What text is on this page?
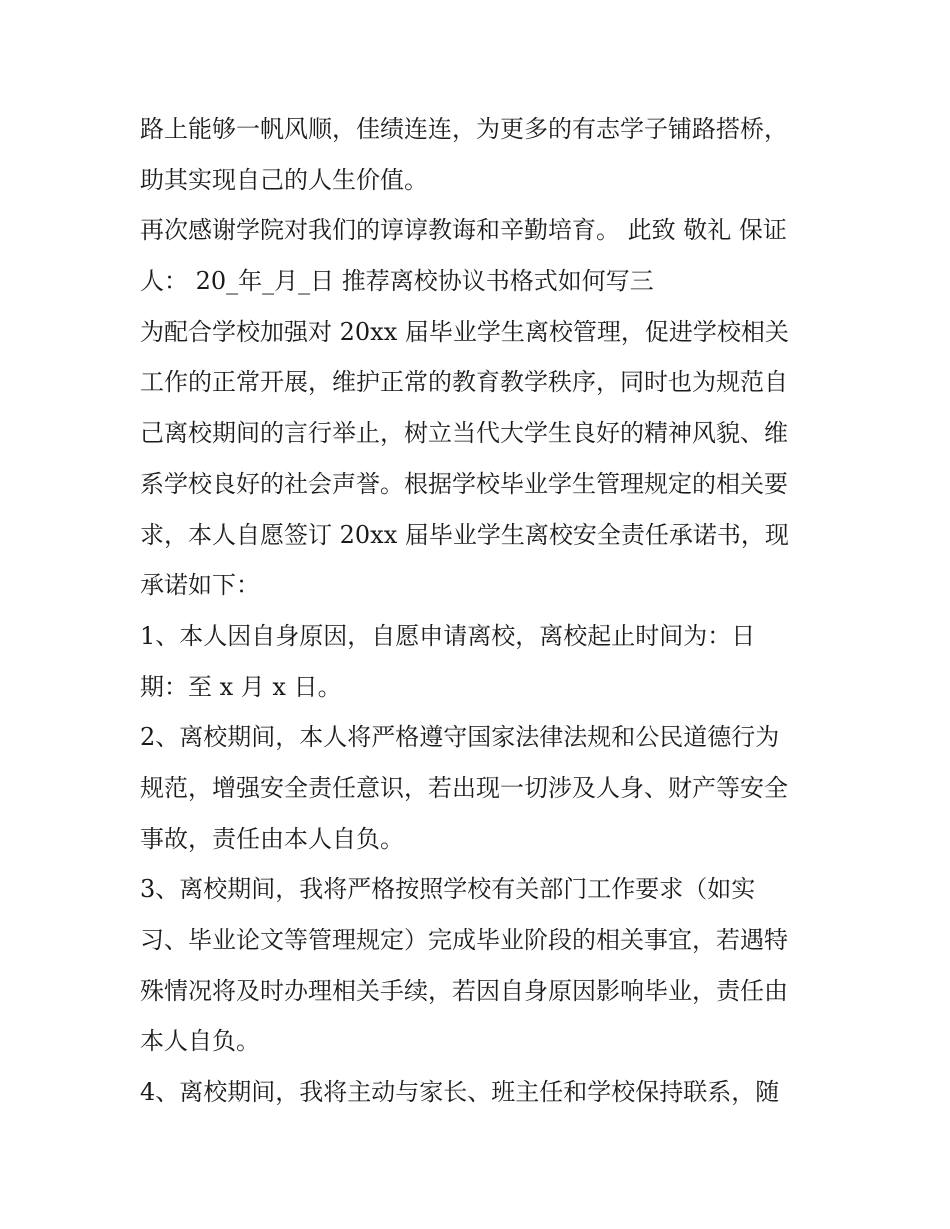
路上能够一帆风顺，佳绩连连，为更多的有志学子铺路搭桥，
助其实现自己的人生价值。
再次感谢学院对我们的谆谆教诲和辛勤培育。 此致 敬礼 保证
人： 20_年_月_日 推荐离校协议书格式如何写三
为配合学校加强对 20xx 届毕业学生离校管理，促进学校相关
工作的正常开展，维护正常的教育教学秩序，同时也为规范自
己离校期间的言行举止，树立当代大学生良好的精神风貌、维
系学校良好的社会声誉。根据学校毕业学生管理规定的相关要
求，本人自愿签订 20xx 届毕业学生离校安全责任承诺书，现
承诺如下：
1、本人因自身原因，自愿申请离校，离校起止时间为：日
期：至 x 月 x 日。
2、离校期间，本人将严格遵守国家法律法规和公民道德行为
规范，增强安全责任意识，若出现一切涉及人身、财产等安全
事故，责任由本人自负。
3、离校期间，我将严格按照学校有关部门工作要求（如实
习、毕业论文等管理规定）完成毕业阶段的相关事宜，若遇特
殊情况将及时办理相关手续，若因自身原因影响毕业，责任由
本人自负。
4、离校期间，我将主动与家长、班主任和学校保持联系，随
